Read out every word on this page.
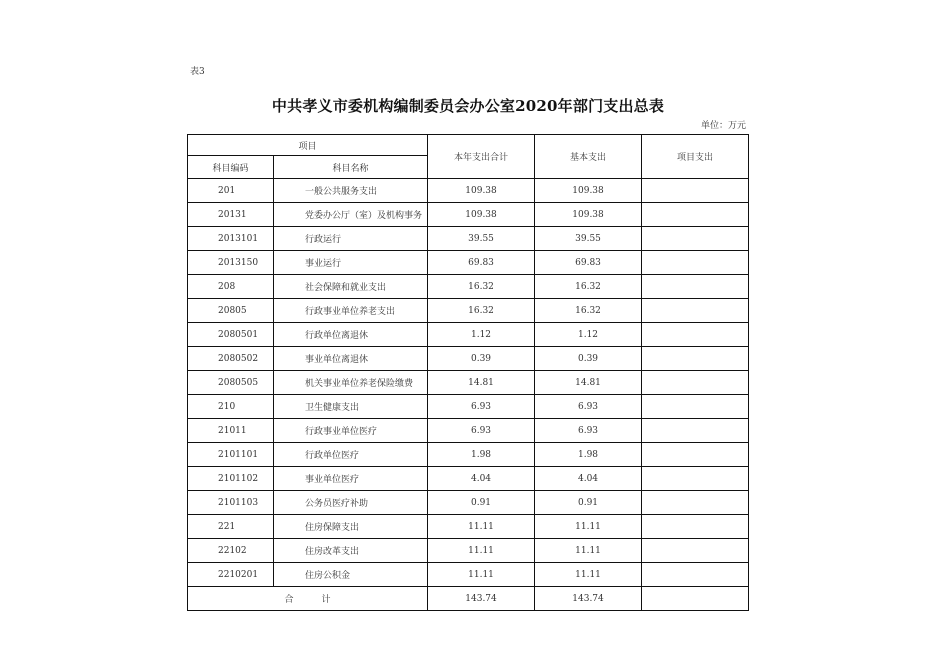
表3
中共孝义市委机构编制委员会办公室2020年部门支出总表
单位：万元
项目		本年支出合计	基本支出	项目支出
科目编码	科目名称			
201	一般公共服务支出	109.38	109.38	
20131	党委办公厅（室）及机构事务	109.38	109.38	
2013101	行政运行	39.55	39.55	
2013150	事业运行	69.83	69.83	
208	社会保障和就业支出	16.32	16.32	
20805	行政事业单位养老支出	16.32	16.32	
2080501	行政单位离退休	1.12	1.12	
2080502	事业单位离退休	0.39	0.39	
2080505	机关事业单位养老保险缴费	14.81	14.81	
210	卫生健康支出	6.93	6.93	
21011	行政事业单位医疗	6.93	6.93	
2101101	行政单位医疗	1.98	1.98	
2101102	事业单位医疗	4.04	4.04	
2101103	公务员医疗补助	0.91	0.91	
221	住房保障支出	11.11	11.11	
22102	住房改革支出	11.11	11.11	
2210201	住房公积金	11.11	11.11	
合 计		143.74	143.74	
